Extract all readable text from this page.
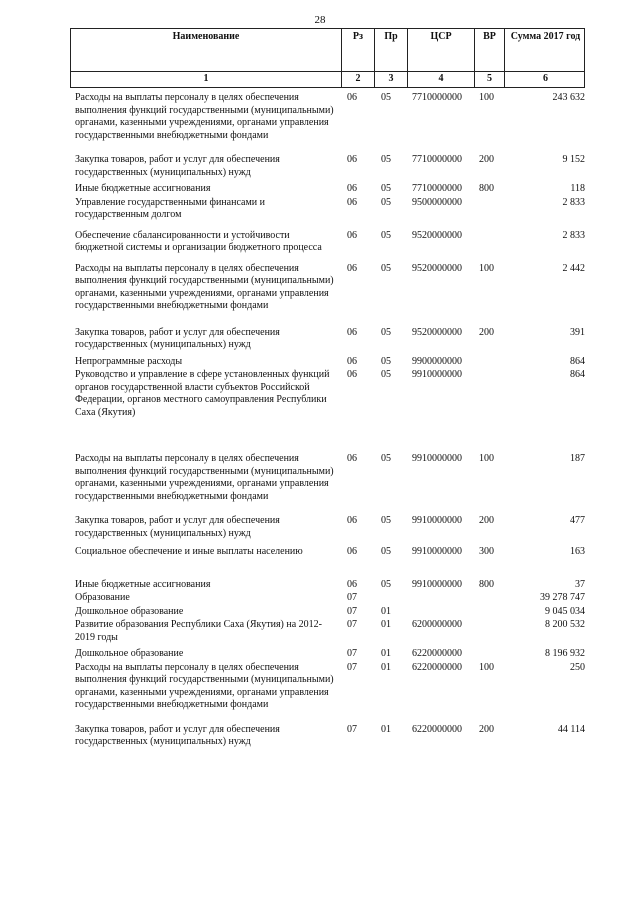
28
Наименование	Рз	Пр	ЦСР	ВР	Сумма 2017 год
1	2	3	4	5	6
Расходы на выплаты персоналу в целях обеспечения выполнения функций государственными (муниципальными) органами, казенными учреждениями, органами управления государственными внебюджетными фондами
06 05 7710000000 100	243 632
Закупка товаров, работ и услуг для обеспечения государственных (муниципальных) нужд
06 05 7710000000 200	9 152
Иные бюджетные ассигнования	06 05 7710000000 800	118
Управление государственными финансами и государственным долгом
06 05 9500000000	2 833
Обеспечение сбалансированности и устойчивости бюджетной системы и организации бюджетного процесса
06 05 9520000000	2 833
Расходы на выплаты персоналу в целях обеспечения выполнения функций государственными (муниципальными) органами, казенными учреждениями, органами управления государственными внебюджетными фондами
06 05 9520000000 100	2 442
Закупка товаров, работ и услуг для обеспечения государственных (муниципальных) нужд
06 05 9520000000 200	391
Непрограммные расходы	06 05 9900000000	864
Руководство и управление в сфере установленных функций органов государственной власти субъектов Российской Федерации, органов местного самоуправления Республики Саха (Якутия)
06 05 9910000000	864
Расходы на выплаты персоналу в целях обеспечения выполнения функций государственными (муниципальными) органами, казенными учреждениями, органами управления государственными внебюджетными фондами
06 05 9910000000 100	187
Закупка товаров, работ и услуг для обеспечения государственных (муниципальных) нужд
06 05 9910000000 200	477
Социальное обеспечение и иные выплаты населению	06 05 9910000000 300	163
Иные бюджетные ассигнования	06 05 9910000000 800	37
Образование	07	39 278 747
Дошкольное образование	07 01	9 045 034
Развитие образования Республики Саха (Якутия) на 2012-2019 годы
07 01 6200000000	8 200 532
Дошкольное образование	07 01 6220000000	8 196 932
Расходы на выплаты персоналу в целях обеспечения выполнения функций государственными (муниципальными) органами, казенными учреждениями, органами управления государственными внебюджетными фондами
07 01 6220000000 100	250
Закупка товаров, работ и услуг для обеспечения государственных (муниципальных) нужд
07 01 6220000000 200	44 114
